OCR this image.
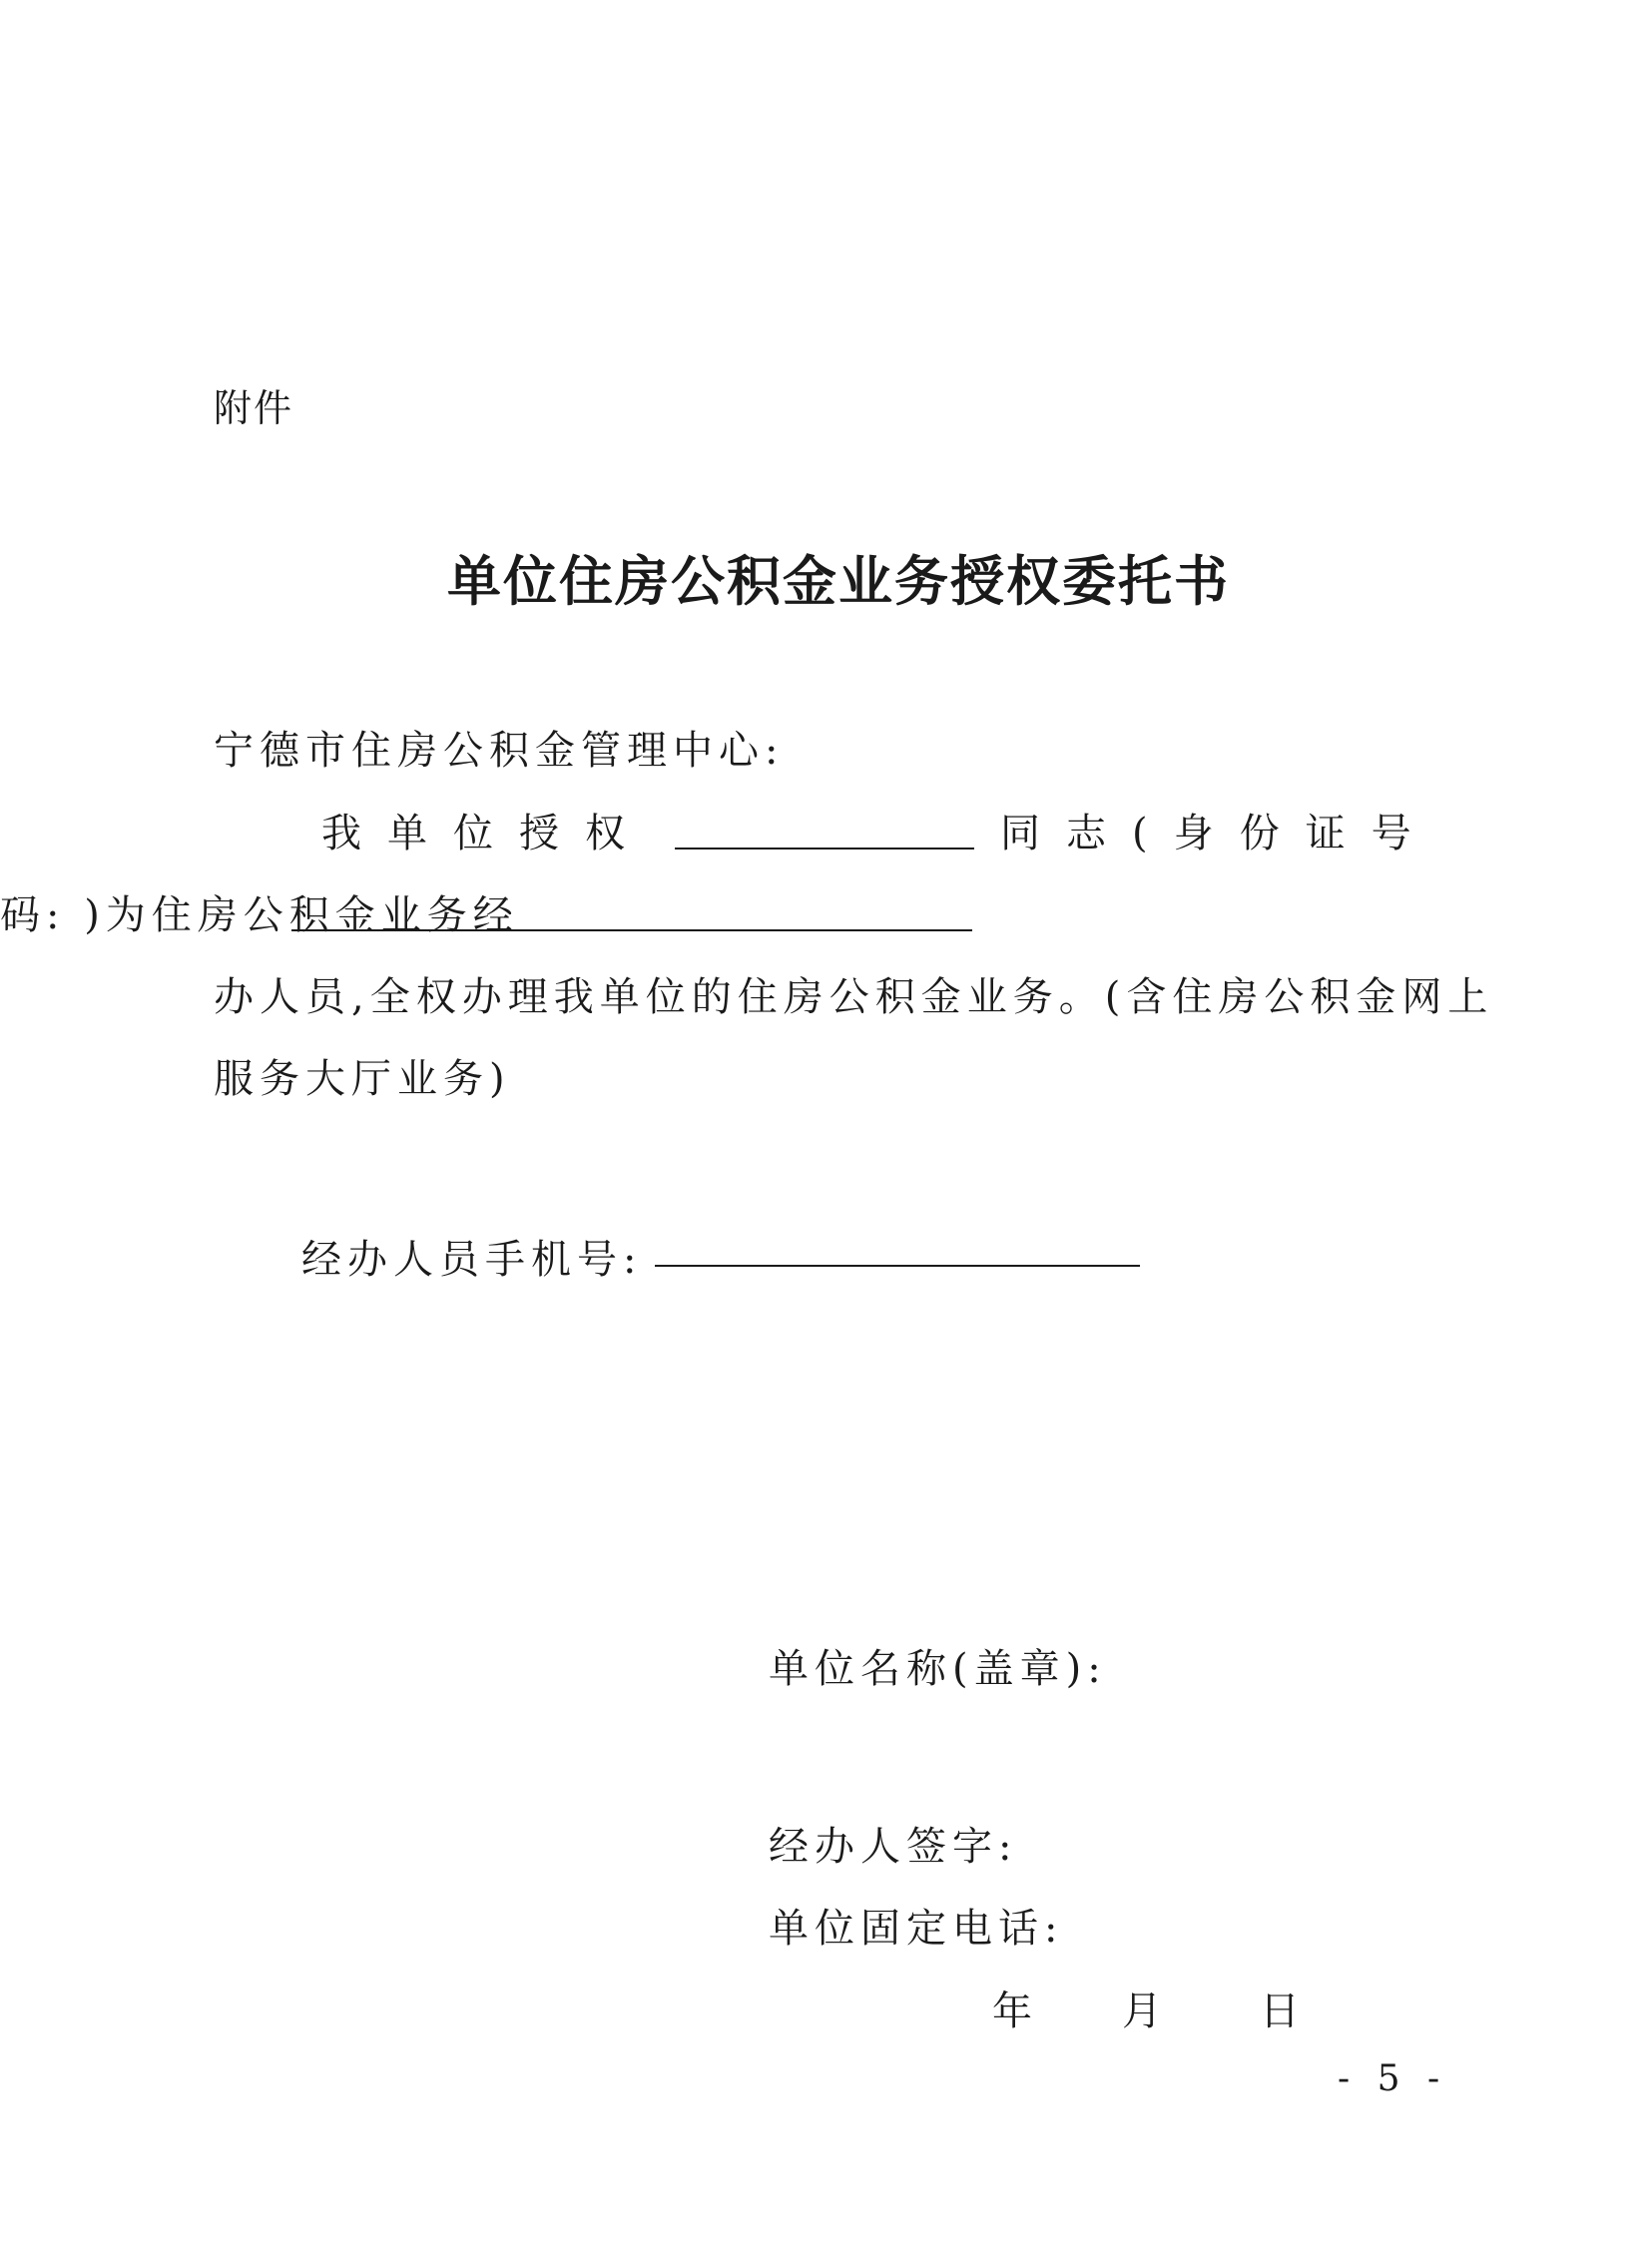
附件
单位住房公积金业务授权委托书
宁德市住房公积金管理中心:
我单位授权	同志(身份证号
码: )为住房公积金业务经
办人员,全权办理我单位的住房公积金业务。(含住房公积金网上
服务大厅业务)
经办人员手机号:
单位名称(盖章):
经办人签字:
单位固定电话:
年 月 日
- 5 -
